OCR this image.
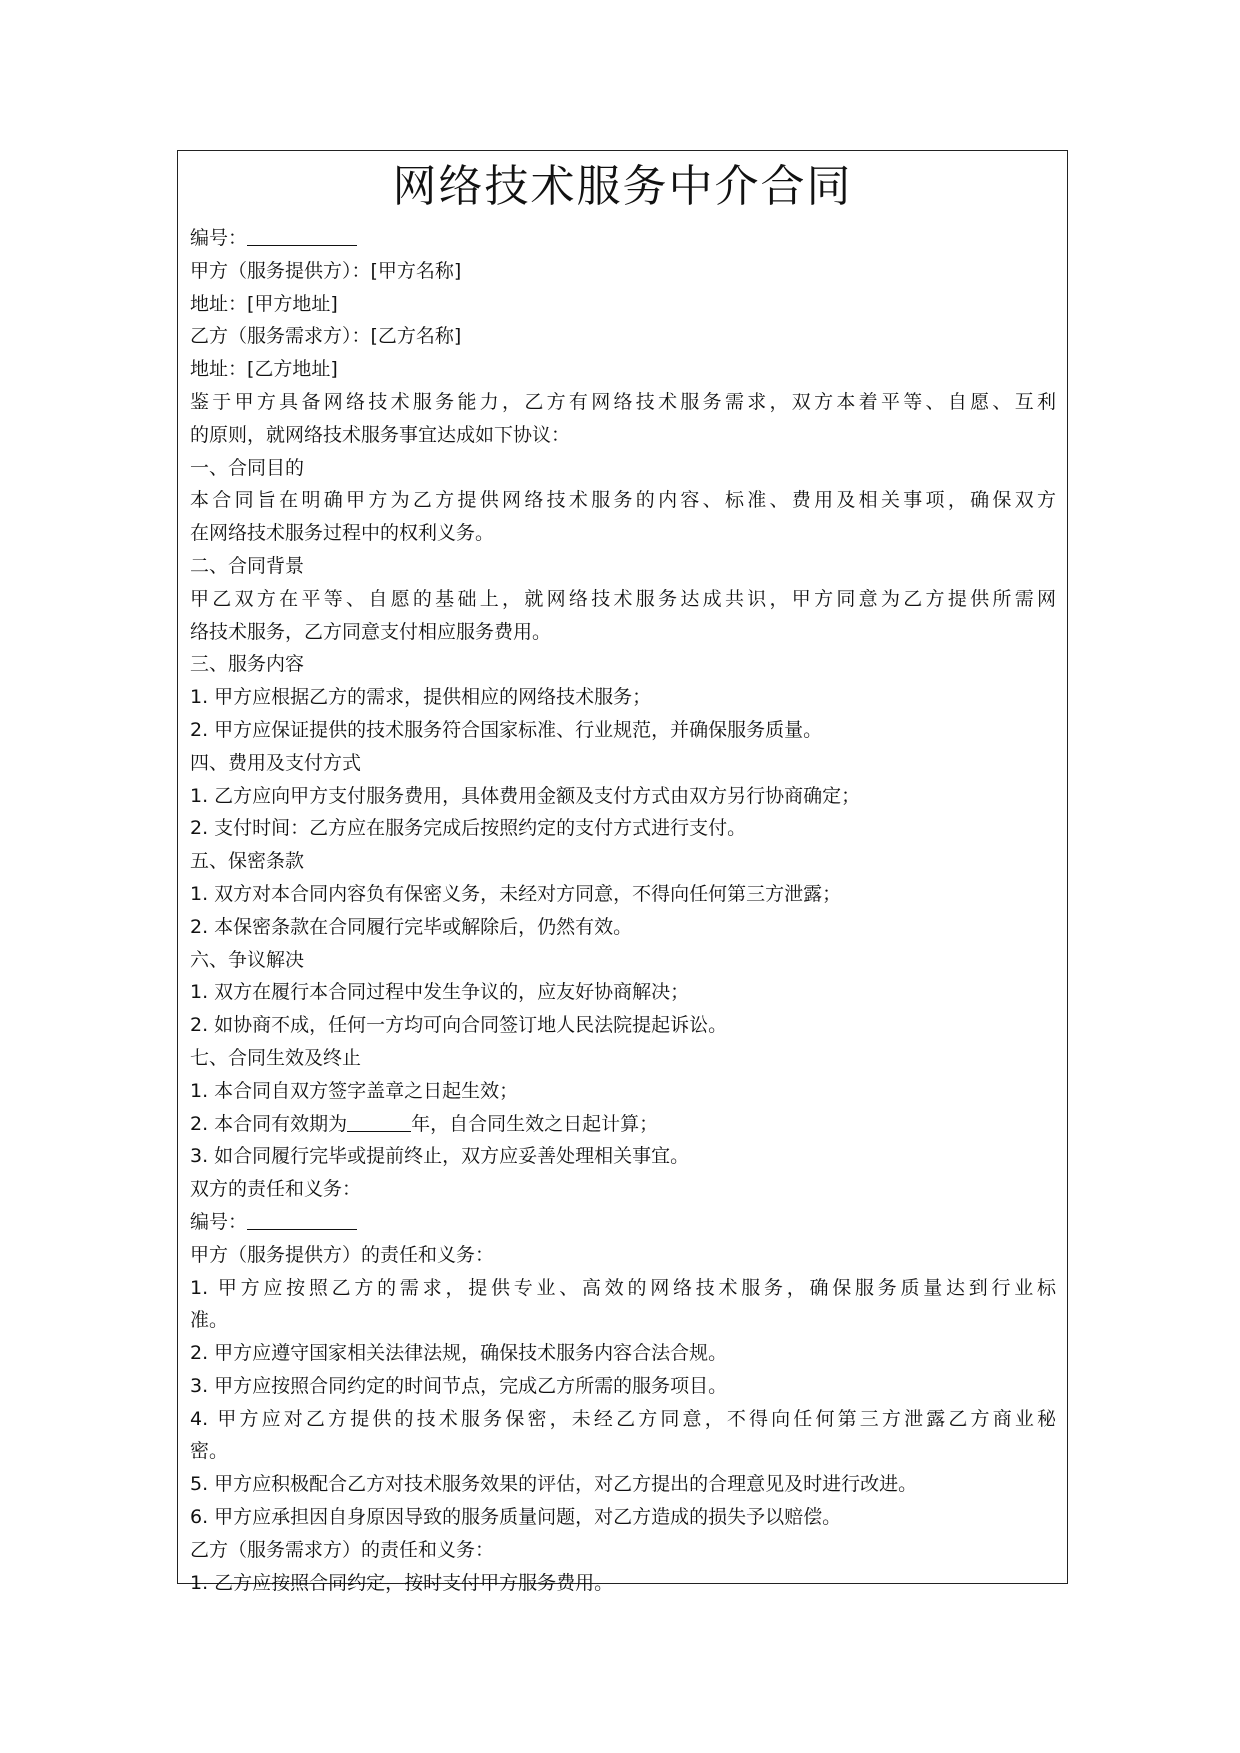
网络技术服务中介合同
编号：
甲方（服务提供方）：[甲方名称]
地址：[甲方地址]
乙方（服务需求方）：[乙方名称]
地址：[乙方地址]
鉴于甲方具备网络技术服务能力，乙方有网络技术服务需求，双方本着平等、自愿、互利
的原则，就网络技术服务事宜达成如下协议：
一、合同目的
本合同旨在明确甲方为乙方提供网络技术服务的内容、标准、费用及相关事项，确保双方
在网络技术服务过程中的权利义务。
二、合同背景
甲乙双方在平等、自愿的基础上，就网络技术服务达成共识，甲方同意为乙方提供所需网
络技术服务，乙方同意支付相应服务费用。
三、服务内容
1. 甲方应根据乙方的需求，提供相应的网络技术服务；
2. 甲方应保证提供的技术服务符合国家标准、行业规范，并确保服务质量。
四、费用及支付方式
1. 乙方应向甲方支付服务费用，具体费用金额及支付方式由双方另行协商确定；
2. 支付时间：乙方应在服务完成后按照约定的支付方式进行支付。
五、保密条款
1. 双方对本合同内容负有保密义务，未经对方同意，不得向任何第三方泄露；
2. 本保密条款在合同履行完毕或解除后，仍然有效。
六、争议解决
1. 双方在履行本合同过程中发生争议的，应友好协商解决；
2. 如协商不成，任何一方均可向合同签订地人民法院提起诉讼。
七、合同生效及终止
1. 本合同自双方签字盖章之日起生效；
2. 本合同有效期为	年，自合同生效之日起计算；
3. 如合同履行完毕或提前终止，双方应妥善处理相关事宜。
双方的责任和义务：
编号：
甲方（服务提供方）的责任和义务：
1. 甲方应按照乙方的需求，提供专业、高效的网络技术服务，确保服务质量达到行业标
准。
2. 甲方应遵守国家相关法律法规，确保技术服务内容合法合规。
3. 甲方应按照合同约定的时间节点，完成乙方所需的服务项目。
4. 甲方应对乙方提供的技术服务保密，未经乙方同意，不得向任何第三方泄露乙方商业秘
密。
5. 甲方应积极配合乙方对技术服务效果的评估，对乙方提出的合理意见及时进行改进。
6. 甲方应承担因自身原因导致的服务质量问题，对乙方造成的损失予以赔偿。
乙方（服务需求方）的责任和义务：
1. 乙方应按照合同约定，按时支付甲方服务费用。
